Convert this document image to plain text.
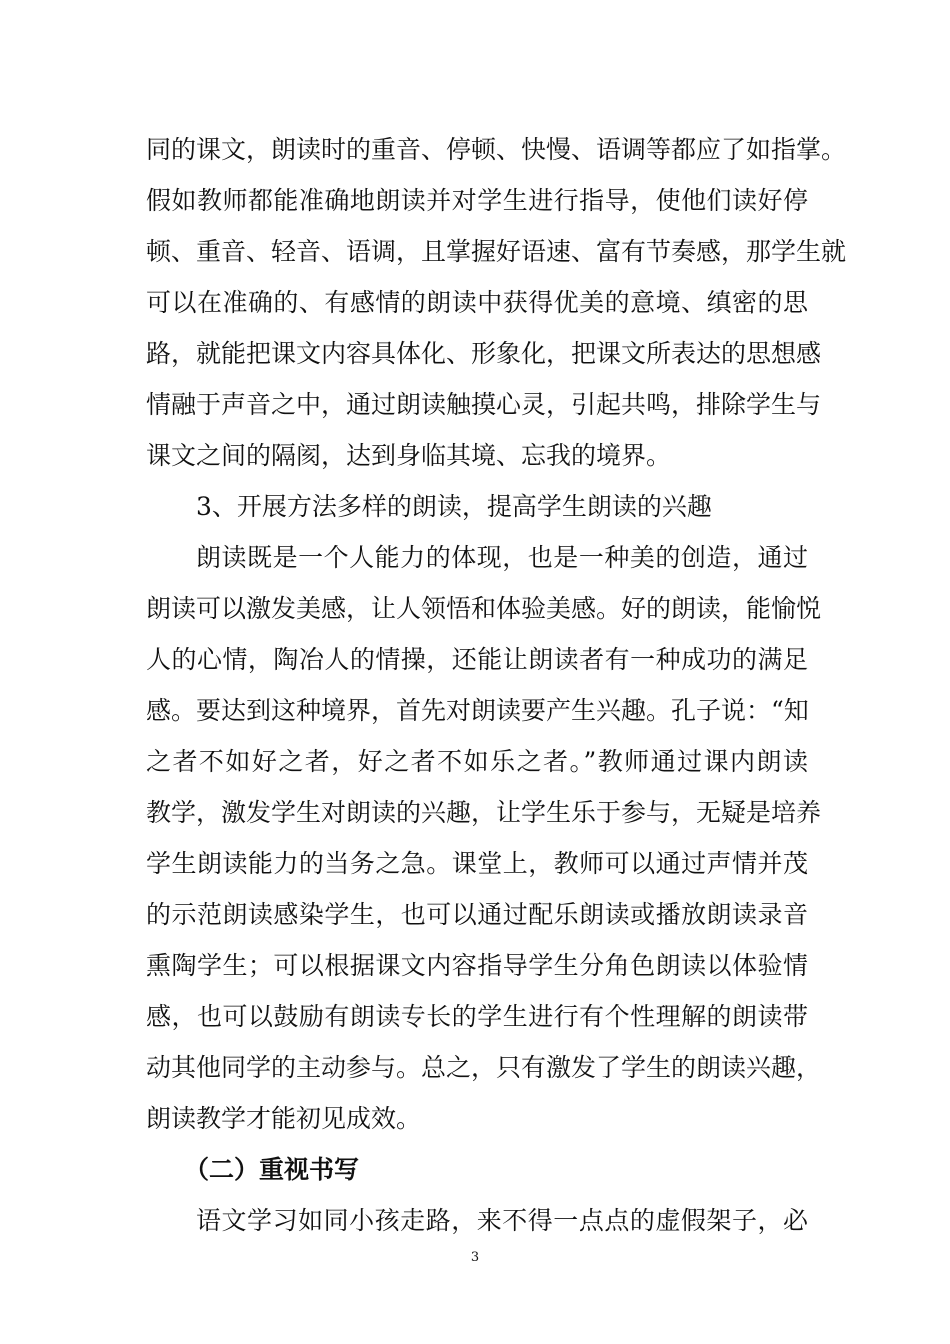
同的课文，朗读时的重音、停顿、快慢、语调等都应了如指掌。
假如教师都能准确地朗读并对学生进行指导，使他们读好停
顿、重音、轻音、语调，且掌握好语速、富有节奏感，那学生就
可以在准确的、有感情的朗读中获得优美的意境、缜密的思
路，就能把课文内容具体化、形象化，把课文所表达的思想感
情融于声音之中，通过朗读触摸心灵，引起共鸣，排除学生与
课文之间的隔阂，达到身临其境、忘我的境界。
3、开展方法多样的朗读，提高学生朗读的兴趣
朗读既是一个人能力的体现，也是一种美的创造，通过
朗读可以激发美感，让人领悟和体验美感。好的朗读，能愉悦
人的心情，陶冶人的情操，还能让朗读者有一种成功的满足
感。要达到这种境界，首先对朗读要产生兴趣。孔子说：“知
之者不如好之者，好之者不如乐之者。”教师通过课内朗读
教学，激发学生对朗读的兴趣，让学生乐于参与，无疑是培养
学生朗读能力的当务之急。课堂上，教师可以通过声情并茂
的示范朗读感染学生，也可以通过配乐朗读或播放朗读录音
熏陶学生；可以根据课文内容指导学生分角色朗读以体验情
感，也可以鼓励有朗读专长的学生进行有个性理解的朗读带
动其他同学的主动参与。总之，只有激发了学生的朗读兴趣，
朗读教学才能初见成效。
（二）重视书写
语文学习如同小孩走路，来不得一点点的虚假架子，必
3
